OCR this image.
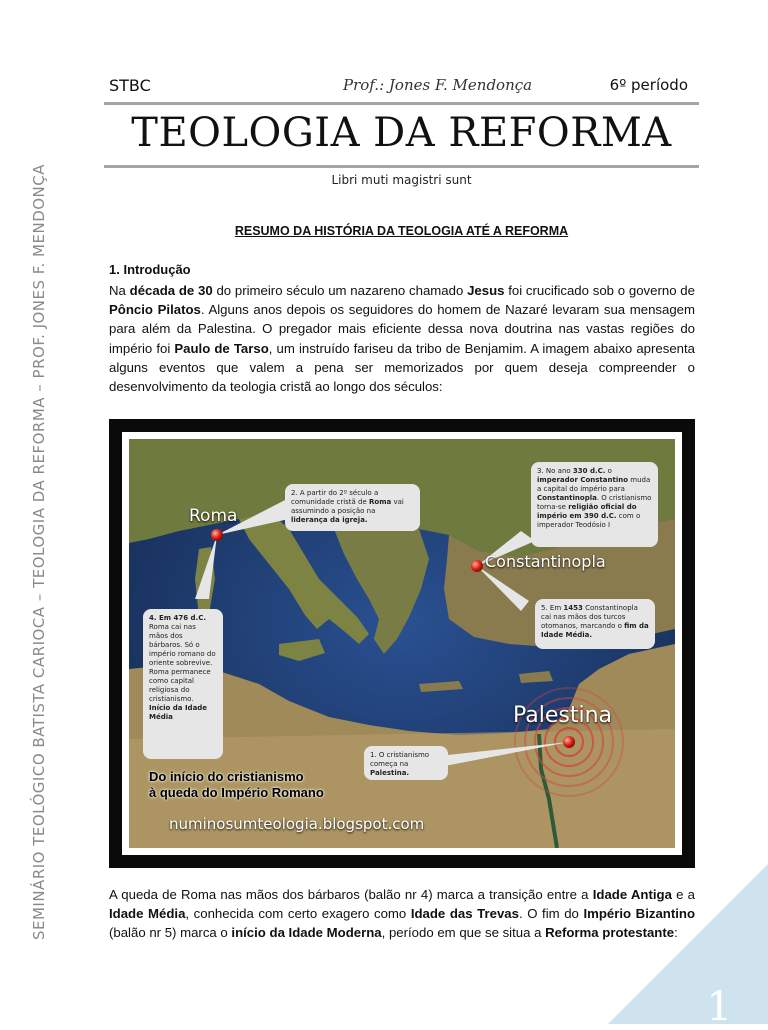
SEMINÁRIO TEOLÓGICO BATISTA CARIOCA – TEOLOGIA DA REFORMA – PROF. JONES F. MENDONÇA
STBC	Prof.: Jones F. Mendonça	6º período
TEOLOGIA DA REFORMA
Libri muti magistri sunt
RESUMO DA HISTÓRIA DA TEOLOGIA ATÉ A REFORMA
1. Introdução
Na década de 30 do primeiro século um nazareno chamado Jesus foi crucificado sob o governo de Pôncio Pilatos. Alguns anos depois os seguidores do homem de Nazaré levaram sua mensagem para além da Palestina. O pregador mais eficiente dessa nova doutrina nas vastas regiões do império foi Paulo de Tarso, um instruído fariseu da tribo de Benjamim. A imagem abaixo apresenta alguns eventos que valem a pena ser memorizados por quem deseja compreender o desenvolvimento da teologia cristã ao longo dos séculos:
Roma
Constantinopla
Palestina
2. A partir do 2º século a comunidade cristã de Roma vai assumindo a posição na liderança da igreja.
3. No ano 330 d.C. o imperador Constantino muda a capital do império para Constantinopla. O cristianismo torna-se religião oficial do império em 390 d.C. com o imperador Teodósio I
4. Em 476 d.C. Roma cai nas mãos dos bárbaros. Só o império romano do oriente sobrevive. Roma permanece como capital religiosa do cristianismo. Início da Idade Média
5. Em 1453 Constantinopla cai nas mãos dos turcos otomanos, marcando o fim da Idade Média.
1. O cristianismo começa na Palestina.
Do início do cristianismo
à queda do Império Romano
numinosumteologia.blogspot.com
A queda de Roma nas mãos dos bárbaros (balão nr 4) marca a transição entre a Idade Antiga e a Idade Média, conhecida com certo exagero como Idade das Trevas. O fim do Império Bizantino (balão nr 5) marca o início da Idade Moderna, período em que se situa a Reforma protestante:
1
